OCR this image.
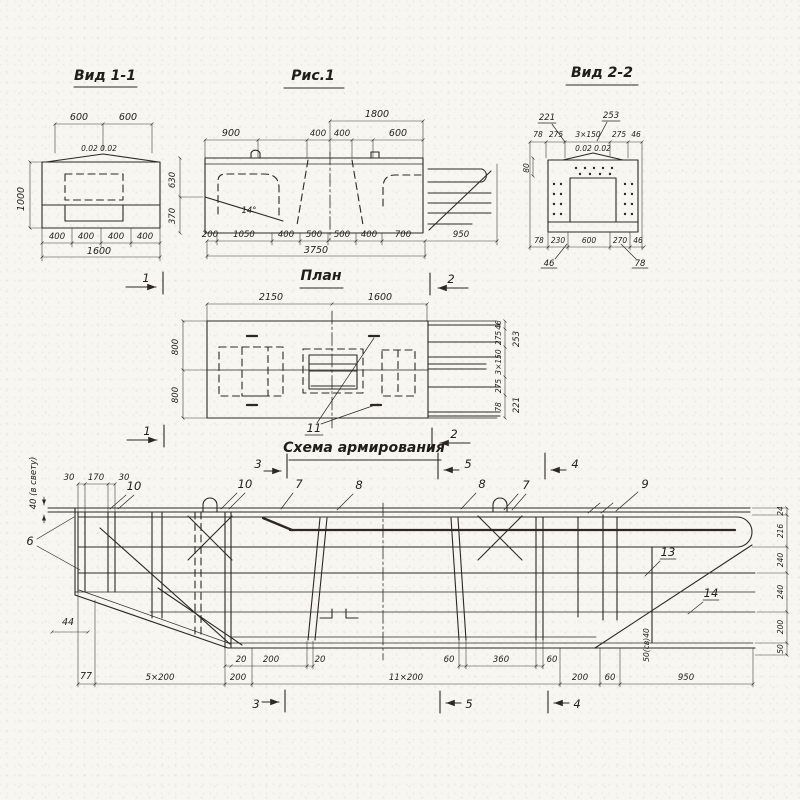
Вид 1-1
600	600
0.02 0.02
400 400 400 400
1600
1000
Рис.1
1800
900	400 400	600
14°
630
370
200 1050	400 500 500 400 700	950
3750
1	2
1	2
Вид 2-2
221	253
78 275 3×150 275 46
0.02 0.02
80
78 230 600 270 46
46	78
План
2150	1600
800
800
46
275
3×150
275
78
253
221
11
Схема армирования
3	5	4
40 (в свету)	30 170 30
10	10	7	8	8	7	9
6
13
14
44
77
20 200	20	60	360	60
5×200	200	11×200	200 60	950
24
216
240
240
200
50
50(св)40
3	5	4
